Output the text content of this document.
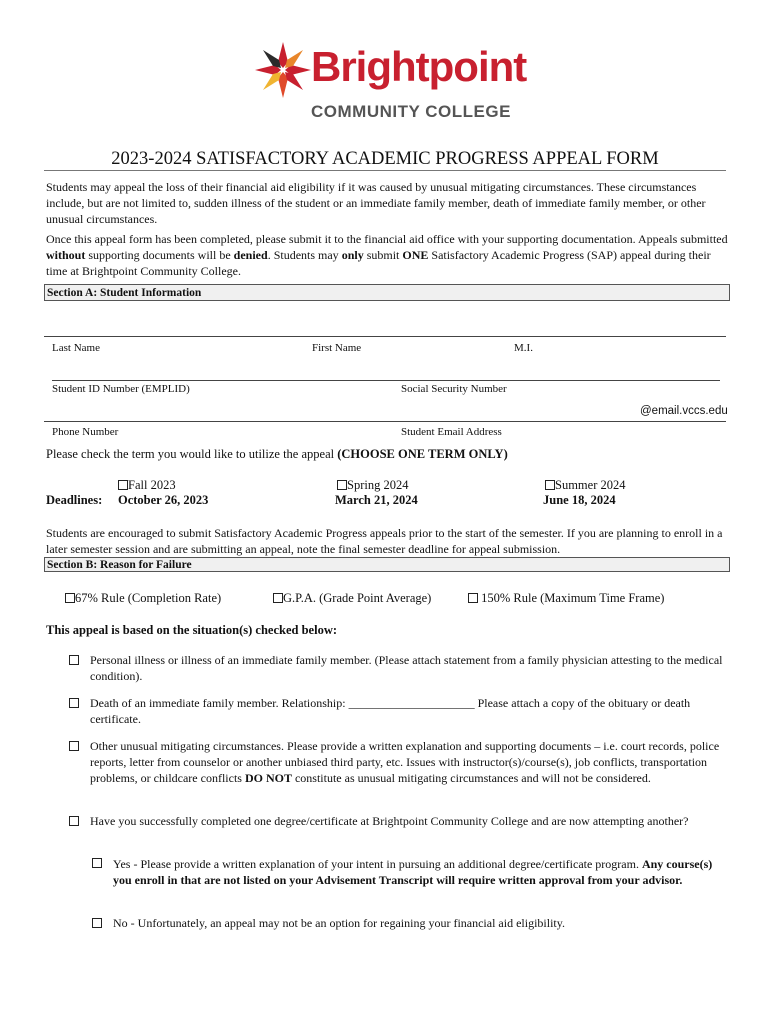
Brightpoint
COMMUNITY COLLEGE
2023-2024 SATISFACTORY ACADEMIC PROGRESS APPEAL FORM
Students may appeal the loss of their financial aid eligibility if it was caused by unusual mitigating circumstances. These circumstances include, but are not limited to, sudden illness of the student or an immediate family member, death of immediate family member, or other unusual circumstances.
Once this appeal form has been completed, please submit it to the financial aid office with your supporting documentation. Appeals submitted without supporting documents will be denied. Students may only submit ONE Satisfactory Academic Progress (SAP) appeal during their time at Brightpoint Community College.
Section A: Student Information
Last Name	First Name	M.I.
Student ID Number (EMPLID)	Social Security Number
@email.vccs.edu
Phone Number	Student Email Address
Please check the term you would like to utilize the appeal (CHOOSE ONE TERM ONLY)
Fall 2023	Spring 2024	Summer 2024
Deadlines: October 26, 2023	March 21, 2024	June 18, 2024
Students are encouraged to submit Satisfactory Academic Progress appeals prior to the start of the semester. If you are planning to enroll in a later semester session and are submitting an appeal, note the final semester deadline for appeal submission.
Section B: Reason for Failure
67% Rule (Completion Rate)	G.P.A. (Grade Point Average)	150% Rule (Maximum Time Frame)
This appeal is based on the situation(s) checked below:
Personal illness or illness of an immediate family member. (Please attach statement from a family physician attesting to the medical condition).
Death of an immediate family member. Relationship: _____________________ Please attach a copy of the obituary or death certificate.
Other unusual mitigating circumstances. Please provide a written explanation and supporting documents – i.e. court records, police reports, letter from counselor or another unbiased third party, etc. Issues with instructor(s)/course(s), job conflicts, transportation problems, or childcare conflicts DO NOT constitute as unusual mitigating circumstances and will not be considered.
Have you successfully completed one degree/certificate at Brightpoint Community College and are now attempting another?
Yes - Please provide a written explanation of your intent in pursuing an additional degree/certificate program. Any course(s) you enroll in that are not listed on your Advisement Transcript will require written approval from your advisor.
No - Unfortunately, an appeal may not be an option for regaining your financial aid eligibility.
